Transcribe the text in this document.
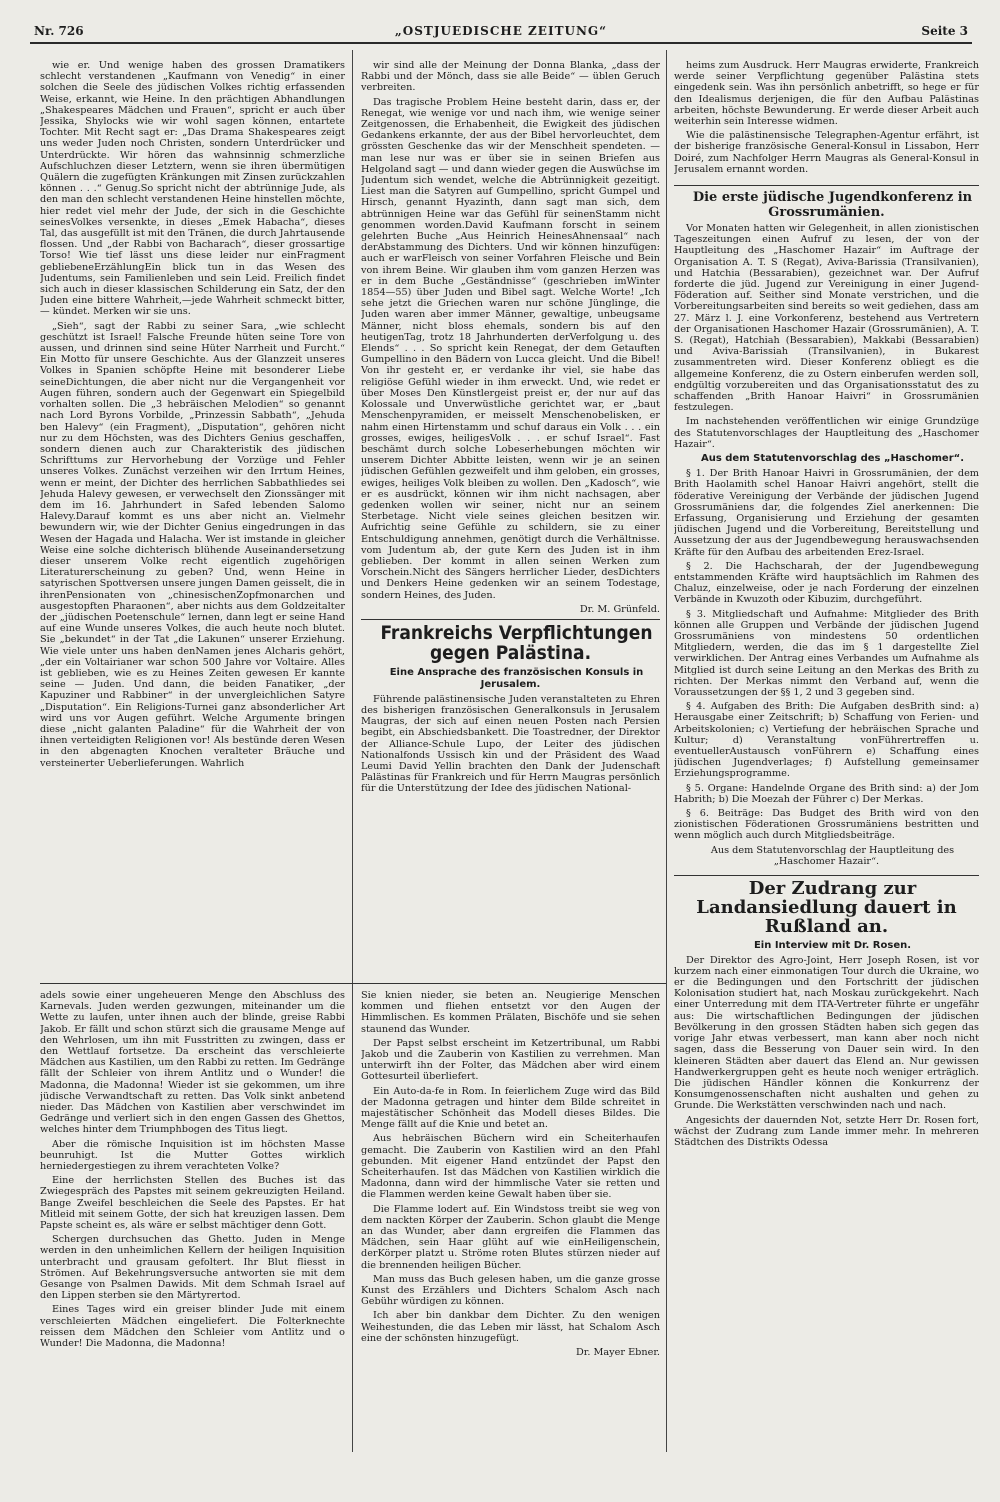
Nr. 726	„OSTJUEDISCHE ZEITUNG“	Seite 3

wie er. Und wenige haben des grossen Dramatikers schlecht verstandenen „Kaufmann von Venedig“ in einer solchen die Seele des jüdischen Volkes richtig erfassenden Weise, erkannt, wie Heine. In den prächtigen Abhandlungen „Shakespeares Mädchen und Frauen“, spricht er auch über Jessika, Shylocks wie wir wohl sagen können, entartete Tochter. Mit Recht sagt er: „Das Drama Shakespeares zeigt uns weder Juden noch Christen, sondern Unterdrücker und Unterdrückte. Wir hören das wahnsinnig schmerzliche Aufschluchzen dieser Letztern, wenn sie ihren übermütigen Quälern die zugefügten Kränkungen mit Zinsen zurückzahlen können . . .“ Genug.So spricht nicht der abtrünnige Jude, als den man den schlecht verstandenen Heine hinstellen möchte, hier redet viel mehr der Jude, der sich in die Geschichte seinesVolkes versenkte, in dieses „Emek Habacha“, dieses Tal, das ausgefüllt ist mit den Tränen, die durch Jahrtausende flossen. Und „der Rabbi von Bacharach“, dieser grossartige Torso! Wie tief lässt uns diese leider nur einFragment gebliebeneErzählungEin blick tun in das Wesen des Judentums, sein Familienleben und sein Leid. Freilich findet sich auch in dieser klassischen Schilderung ein Satz, der den Juden eine bittere Wahrheit,—jede Wahrheit schmeckt bitter, — kündet. Merken wir sie uns.

„Sieh“, sagt der Rabbi zu seiner Sara, „wie schlecht geschützt ist Israel! Falsche Freunde hüten seine Tore von aussen, und drinnen sind seine Hüter Narrheit und Furcht.“ Ein Motto für unsere Geschichte. Aus der Glanzzeit unseres Volkes in Spanien schöpfte Heine mit besonderer Liebe seineDichtungen, die aber nicht nur die Vergangenheit vor Augen führen, sondern auch der Gegenwart ein Spiegelbild vorhalten sollen. Die „3 hebräischen Melodien“ so genannt nach Lord Byrons Vorbilde, „Prinzessin Sabbath“, „Jehuda ben Halevy“ (ein Fragment), „Disputation“, gehören nicht nur zu dem Höchsten, was des Dichters Genius geschaffen, sondern dienen auch zur Charakteristik des jüdischen Schrifttums zur Hervorhebung der Vorzüge und Fehler unseres Volkes. Zunächst verzeihen wir den Irrtum Heines, wenn er meint, der Dichter des herrlichen Sabbathliedes sei Jehuda Halevy gewesen, er verwechselt den Zionssänger mit dem im 16. Jahrhundert in Safed lebenden Salomo Halevy.Darauf kommt es uns aber nicht an. Vielmehr bewundern wir, wie der Dichter Genius eingedrungen in das Wesen der Hagada und Halacha. Wer ist imstande in gleicher Weise eine solche dichterisch blühende Auseinandersetzung dieser unserem Volke recht eigentlich zugehörigen Literaturerscheinung zu geben? Und, wenn Heine in satyrischen Spottversen unsere jungen Damen geisselt, die in ihrenPensionaten von „chinesischenZopfmonarchen und ausgestopften Pharaonen“, aber nichts aus dem Goldzeitalter der „jüdischen Poetenschule“ lernen, dann legt er seine Hand auf eine Wunde unseres Volkes, die auch heute noch blutet. Sie „bekundet“ in der Tat „die Lakunen“ unserer Erziehung. Wie viele unter uns haben denNamen jenes Alcharis gehört, „der ein Voltairianer war schon 500 Jahre vor Voltaire. Alles ist geblieben, wie es zu Heines Zeiten gewesen Er kannte seine — Juden. Und dann, die beiden Fanatiker, „der Kapuziner und Rabbiner“ in der unvergleichlichen Satyre „Disputation“. Ein Religions-Turnei ganz absonderlicher Art wird uns vor Augen geführt. Welche Argumente bringen diese „nicht galanten Paladine“ für die Wahrheit der von ihnen verteidigten Religionen vor! Als bestünde deren Wesen in den abgenagten Knochen veralteter Bräuche und versteinerter Ueberlieferungen. Wahrlich

wir sind alle der Meinung der Donna Blanka, „dass der Rabbi und der Mönch, dass sie alle Beide“ — üblen Geruch verbreiten.

Das tragische Problem Heine besteht darin, dass er, der Renegat, wie wenige vor und nach ihm, wie wenige seiner Zeitgenossen, die Erhabenheit, die Ewigkeit des jüdischen Gedankens erkannte, der aus der Bibel hervorleuchtet, dem grössten Geschenke das wir der Menschheit spendeten. — man lese nur was er über sie in seinen Briefen aus Helgoland sagt — und dann wieder gegen die Auswüchse im Judentum sich wendet, welche die Abtrünnigkeit gezeitigt. Liest man die Satyren auf Gumpellino, spricht Gumpel und Hirsch, genannt Hyazinth, dann sagt man sich, dem abtrünnigen Heine war das Gefühl für seinenStamm nicht genommen worden.David Kaufmann forscht in seinem gelehrten Buche „Aus Heinrich HeinesAhnensaal“ nach derAbstammung des Dichters. Und wir können hinzufügen: auch er warFleisch von seiner Vorfahren Fleische und Bein von ihrem Beine. Wir glauben ihm vom ganzen Herzen was er in dem Buche „Geständnisse“ (geschrieben imWinter 1854—55) über Juden und Bibel sagt. Welche Worte! „Ich sehe jetzt die Griechen waren nur schöne Jünglinge, die Juden waren aber immer Männer, gewaltige, unbeugsame Männer, nicht bloss ehemals, sondern bis auf den heutigenTag, trotz 18 Jahrhunderten derVerfolgung u. des Elends“ . . . So spricht kein Renegat, der dem Getauften Gumpellino in den Bädern von Lucca gleicht. Und die Bibel! Von ihr gesteht er, er verdanke ihr viel, sie habe das religiöse Gefühl wieder in ihm erweckt. Und, wie redet er über Moses Den Künstlergeist preist er, der nur auf das Kolossale und Unverwüstliche gerichtet war, er „baut Menschenpyramiden, er meisselt Menschenobelisken, er nahm einen Hirtenstamm und schuf daraus ein Volk . . . ein grosses, ewiges, heiligesVolk . . . er schuf Israel“. Fast beschämt durch solche Lobeserhebungen möchten wir unserem Dichter Abbitte leisten, wenn wir je an seinen jüdischen Gefühlen gezweifelt und ihm geloben, ein grosses, ewiges, heiliges Volk bleiben zu wollen. Den „Kadosch“, wie er es ausdrückt, können wir ihm nicht nachsagen, aber gedenken wollen wir seiner, nicht nur an seinem Sterbetage. Nicht viele seines gleichen besitzen wir. Aufrichtig seine Gefühle zu schildern, sie zu einer Entschuldigung annehmen, genötigt durch die Verhältnisse. vom Judentum ab, der gute Kern des Juden ist in ihm geblieben. Der kommt in allen seinen Werken zum Vorschein.Nicht des Sängers herrlicher Lieder, desDichters und Denkers Heine gedenken wir an seinem Todestage, sondern Heines, des Juden.

Dr. M. Grünfeld.

Frankreichs Verpflichtungen gegen Palästina.

Eine Ansprache des französischen Konsuls in Jerusalem.

Führende palästinensische Juden veranstalteten zu Ehren des bisherigen französischen Generalkonsuls in Jerusalem Maugras, der sich auf einen neuen Posten nach Persien begibt, ein Abschiedsbankett. Die Toastredner, der Direktor der Alliance-Schule Lupo, der Leiter des jüdischen Nationalfonds Ussisch kin und der Präsident des Waad Leumi David Yellin brachten den Dank der Judenschaft Palästinas für Frankreich und für Herrn Maugras persönlich für die Unterstützung der Idee des jüdischen National-

heims zum Ausdruck. Herr Maugras erwiderte, Frankreich werde seiner Verpflichtung gegenüber Palästina stets eingedenk sein. Was ihn persönlich anbetrifft, so hege er für den Idealismus derjenigen, die für den Aufbau Palästinas arbeiten, höchste Bewunderung. Er werde dieser Arbeit auch weiterhin sein Interesse widmen.

Wie die palästinensische Telegraphen-Agentur erfährt, ist der bisherige französische General-Konsul in Lissabon, Herr Doiré, zum Nachfolger Herrn Maugras als General-Konsul in Jerusalem ernannt worden.

Die erste jüdische Jugendkonferenz in Grossrumänien.

Vor Monaten hatten wir Gelegenheit, in allen zionistischen Tageszeitungen einen Aufruf zu lesen, der von der Hauptleitung des „Haschomer Hazair“ im Auftrage der Organisation A. T. S (Regat), Aviva-Barissia (Transilvanien), und Hatchia (Bessarabien), gezeichnet war. Der Aufruf forderte die jüd. Jugend zur Vereinigung in einer Jugend-Föderation auf. Seither sind Monate verstrichen, und die Vorbereitungsarbeiten sind bereits so weit gediehen, dass am 27. März l. J. eine Vorkonferenz, bestehend aus Vertretern der Organisationen Haschomer Hazair (Grossrumänien), A. T. S. (Regat), Hatchiah (Bessarabien), Makkabi (Bessarabien) und Aviva-Barissiah (Transilvanien), in Bukarest zusammentreten wird. Dieser Konferenz obliegt es die allgemeine Konferenz, die zu Ostern einberufen werden soll, endgültig vorzubereiten und das Organisationsstatut des zu schaffenden „Brith Hanoar Haivri“ in Grossrumänien festzulegen.

Im nachstehenden veröffentlichen wir einige Grundzüge des Statutenvorschlages der Hauptleitung des „Haschomer Hazair“.

Aus dem Statutenvorschlag des „Haschomer“.

§ 1. Der Brith Hanoar Haivri in Grossrumänien, der dem Brith Haolamith schel Hanoar Haivri angehört, stellt die föderative Vereinigung der Verbände der jüdischen Jugend Grossrumäniens dar, die folgendes Ziel anerkennen: Die Erfassung, Organisierung und Erziehung der gesamten jüdischen Jugend und die Vorbereitung, Bereitstellung und Aussetzung der aus der Jugendbewegung herauswachsenden Kräfte für den Aufbau des arbeitenden Erez-Israel.

§ 2. Die Hachscharah, der der Jugendbewegung entstammenden Kräfte wird hauptsächlich im Rahmen des Chaluz, einzelweise, oder je nach Forderung der einzelnen Verbände in Kwuzoth oder Kibuzim, durchgeführt.

§ 3. Mitgliedschaft und Aufnahme: Mitglieder des Brith können alle Gruppen und Verbände der jüdischen Jugend Grossrumäniens von mindestens 50 ordentlichen Mitgliedern, werden, die das im § 1 dargestellte Ziel verwirklichen. Der Antrag eines Verbandes um Aufnahme als Mitglied ist durch seine Leitung an den Merkas des Brith zu richten. Der Merkas nimmt den Verband auf, wenn die Voraussetzungen der §§ 1, 2 und 3 gegeben sind.

§ 4. Aufgaben des Brith: Die Aufgaben desBrith sind: a) Herausgabe einer Zeitschrift; b) Schaffung von Ferien- und Arbeitskolonien; c) Vertiefung der hebräischen Sprache und Kultur; d) Veranstaltung vonFührertreffen u. eventuellerAustausch vonFührern e) Schaffung eines jüdischen Jugendverlages; f) Aufstellung gemeinsamer Erziehungsprogramme.

§ 5. Organe: Handelnde Organe des Brith sind: a) der Jom Habrith; b) Die Moezah der Führer c) Der Merkas.

§ 6. Beiträge: Das Budget des Brith wird von den zionistischen Föderationen Grossrumäniens bestritten und wenn möglich auch durch Mitgliedsbeiträge.

Aus dem Statutenvorschlag der Hauptleitung des „Haschomer Hazair“.

Der Zudrang zur Landansiedlung dauert in Rußland an.

Ein Interview mit Dr. Rosen.

Der Direktor des Agro-Joint, Herr Joseph Rosen, ist vor kurzem nach einer einmonatigen Tour durch die Ukraine, wo er die Bedingungen und den Fortschritt der jüdischen Kolonisation studiert hat, nach Moskau zurückgekehrt. Nach einer Unterredung mit dem ITA-Vertreter führte er ungefähr aus: Die wirtschaftlichen Bedingungen der jüdischen Bevölkerung in den grossen Städten haben sich gegen das vorige Jahr etwas verbessert, man kann aber noch nicht sagen, dass die Besserung von Dauer sein wird. In den kleineren Städten aber dauert das Elend an. Nur gewissen Handwerkergruppen geht es heute noch weniger erträglich. Die jüdischen Händler können die Konkurrenz der Konsumgenossenschaften nicht aushalten und gehen zu Grunde. Die Werkstätten verschwinden nach und nach.

Angesichts der dauernden Not, setzte Herr Dr. Rosen fort, wächst der Zudrang zum Lande immer mehr. In mehreren Städtchen des Distrikts Odessa

adels sowie einer ungeheueren Menge den Abschluss des Karnevals. Juden werden gezwungen, miteinander um die Wette zu laufen, unter ihnen auch der blinde, greise Rabbi Jakob. Er fällt und schon stürzt sich die grausame Menge auf den Wehrlosen, um ihn mit Fusstritten zu zwingen, dass er den Wettlauf fortsetze. Da erscheint das verschleierte Mädchen aus Kastilien, um den Rabbi zu retten. Im Gedränge fällt der Schleier von ihrem Antlitz und o Wunder! die Madonna, die Madonna! Wieder ist sie gekommen, um ihre jüdische Verwandtschaft zu retten. Das Volk sinkt anbetend nieder. Das Mädchen von Kastilien aber verschwindet im Gedränge und verliert sich in den engen Gassen des Ghettos, welches hinter dem Triumphbogen des Titus liegt.

Aber die römische Inquisition ist im höchsten Masse beunruhigt. Ist die Mutter Gottes wirklich herniedergestiegen zu ihrem verachteten Volke?

Eine der herrlichsten Stellen des Buches ist das Zwiegespräch des Papstes mit seinem gekreuzigten Heiland. Bange Zweifel beschleichen die Seele des Papstes. Er hat Mitleid mit seinem Gotte, der sich hat kreuzigen lassen. Dem Papste scheint es, als wäre er selbst mächtiger denn Gott.

Schergen durchsuchen das Ghetto. Juden in Menge werden in den unheimlichen Kellern der heiligen Inquisition unterbracht und grausam gefoltert. Ihr Blut fliesst in Strömen. Auf Bekehrungsversuche antworten sie mit dem Gesange von Psalmen Dawids. Mit dem Schmah Israel auf den Lippen sterben sie den Märtyrertod.

Eines Tages wird ein greiser blinder Jude mit einem verschleierten Mädchen eingeliefert. Die Folterknechte reissen dem Mädchen den Schleier vom Antlitz und o Wunder! Die Madonna, die Madonna!

Sie knien nieder, sie beten an. Neugierige Menschen kommen und fliehen entsetzt vor den Augen der Himmlischen. Es kommen Prälaten, Bischöfe und sie sehen staunend das Wunder.

Der Papst selbst erscheint im Ketzertribunal, um Rabbi Jakob und die Zauberin von Kastilien zu verrehmen. Man unterwirft ihn der Folter, das Mädchen aber wird einem Gottesurteil überliefert.

Ein Auto-da-fe in Rom. In feierlichem Zuge wird das Bild der Madonna getragen und hinter dem Bilde schreitet in majestätischer Schönheit das Modell dieses Bildes. Die Menge fällt auf die Knie und betet an.

Aus hebräischen Büchern wird ein Scheiterhaufen gemacht. Die Zauberin von Kastilien wird an den Pfahl gebunden. Mit eigener Hand entzündet der Papst den Scheiterhaufen. Ist das Mädchen von Kastilien wirklich die Madonna, dann wird der himmlische Vater sie retten und die Flammen werden keine Gewalt haben über sie.

Die Flamme lodert auf. Ein Windstoss treibt sie weg von dem nackten Körper der Zauberin. Schon glaubt die Menge an das Wunder, aber dann ergreifen die Flammen das Mädchen, sein Haar glüht auf wie einHeiligenschein, derKörper platzt u. Ströme roten Blutes stürzen nieder auf die brennenden heiligen Bücher.

Man muss das Buch gelesen haben, um die ganze grosse Kunst des Erzählers und Dichters Schalom Asch nach Gebühr würdigen zu können.

Ich aber bin dankbar dem Dichter. Zu den wenigen Weihestunden, die das Leben mir lässt, hat Schalom Asch eine der schönsten hinzugefügt.

Dr. Mayer Ebner.
